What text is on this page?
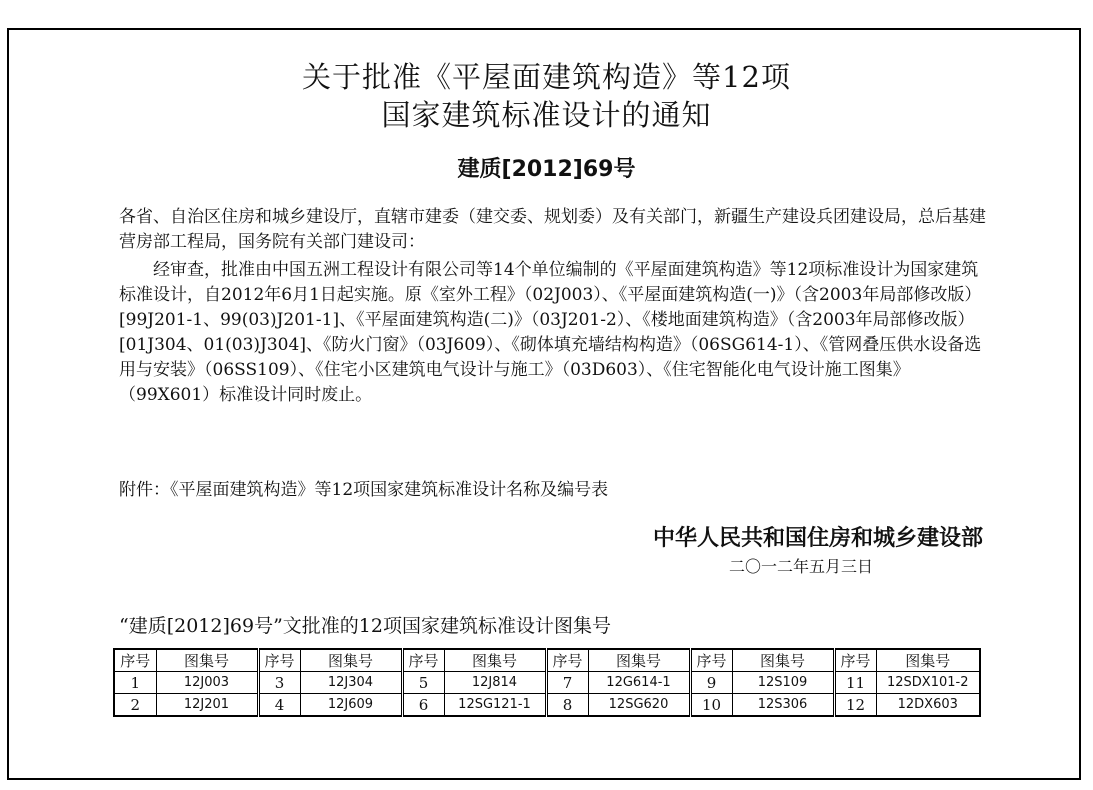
关于批准《平屋面建筑构造》等12项
国家建筑标准设计的通知
建质[2012]69号

各省、自治区住房和城乡建设厅，直辖市建委（建交委、规划委）及有关部门，新疆生产建设兵团建设局，总后基建营房部工程局，国务院有关部门建设司：

经审查，批准由中国五洲工程设计有限公司等14个单位编制的《平屋面建筑构造》等12项标准设计为国家建筑标准设计，自2012年6月1日起实施。原《室外工程》（02J003）、《平屋面建筑构造(一)》（含2003年局部修改版）[99J201-1、99(03)J201-1]、《平屋面建筑构造(二)》（03J201-2）、《楼地面建筑构造》（含2003年局部修改版）[01J304、01(03)J304]、《防火门窗》（03J609）、《砌体填充墙结构构造》（06SG614-1）、《管网叠压供水设备选用与安装》（06SS109）、《住宅小区建筑电气设计与施工》（03D603）、《住宅智能化电气设计施工图集》（99X601）标准设计同时废止。

附件：《平屋面建筑构造》等12项国家建筑标准设计名称及编号表

中华人民共和国住房和城乡建设部
二〇一二年五月三日
“建质[2012]69号”文批准的12项国家建筑标准设计图集号
序号	图集号	序号	图集号	序号	图集号	序号	图集号	序号	图集号	序号	图集号
1	12J003	3	12J304	5	12J814	7	12G614-1	9	12S109	11	12SDX101-2
2	12J201	4	12J609	6	12SG121-1	8	12SG620	10	12S306	12	12DX603
